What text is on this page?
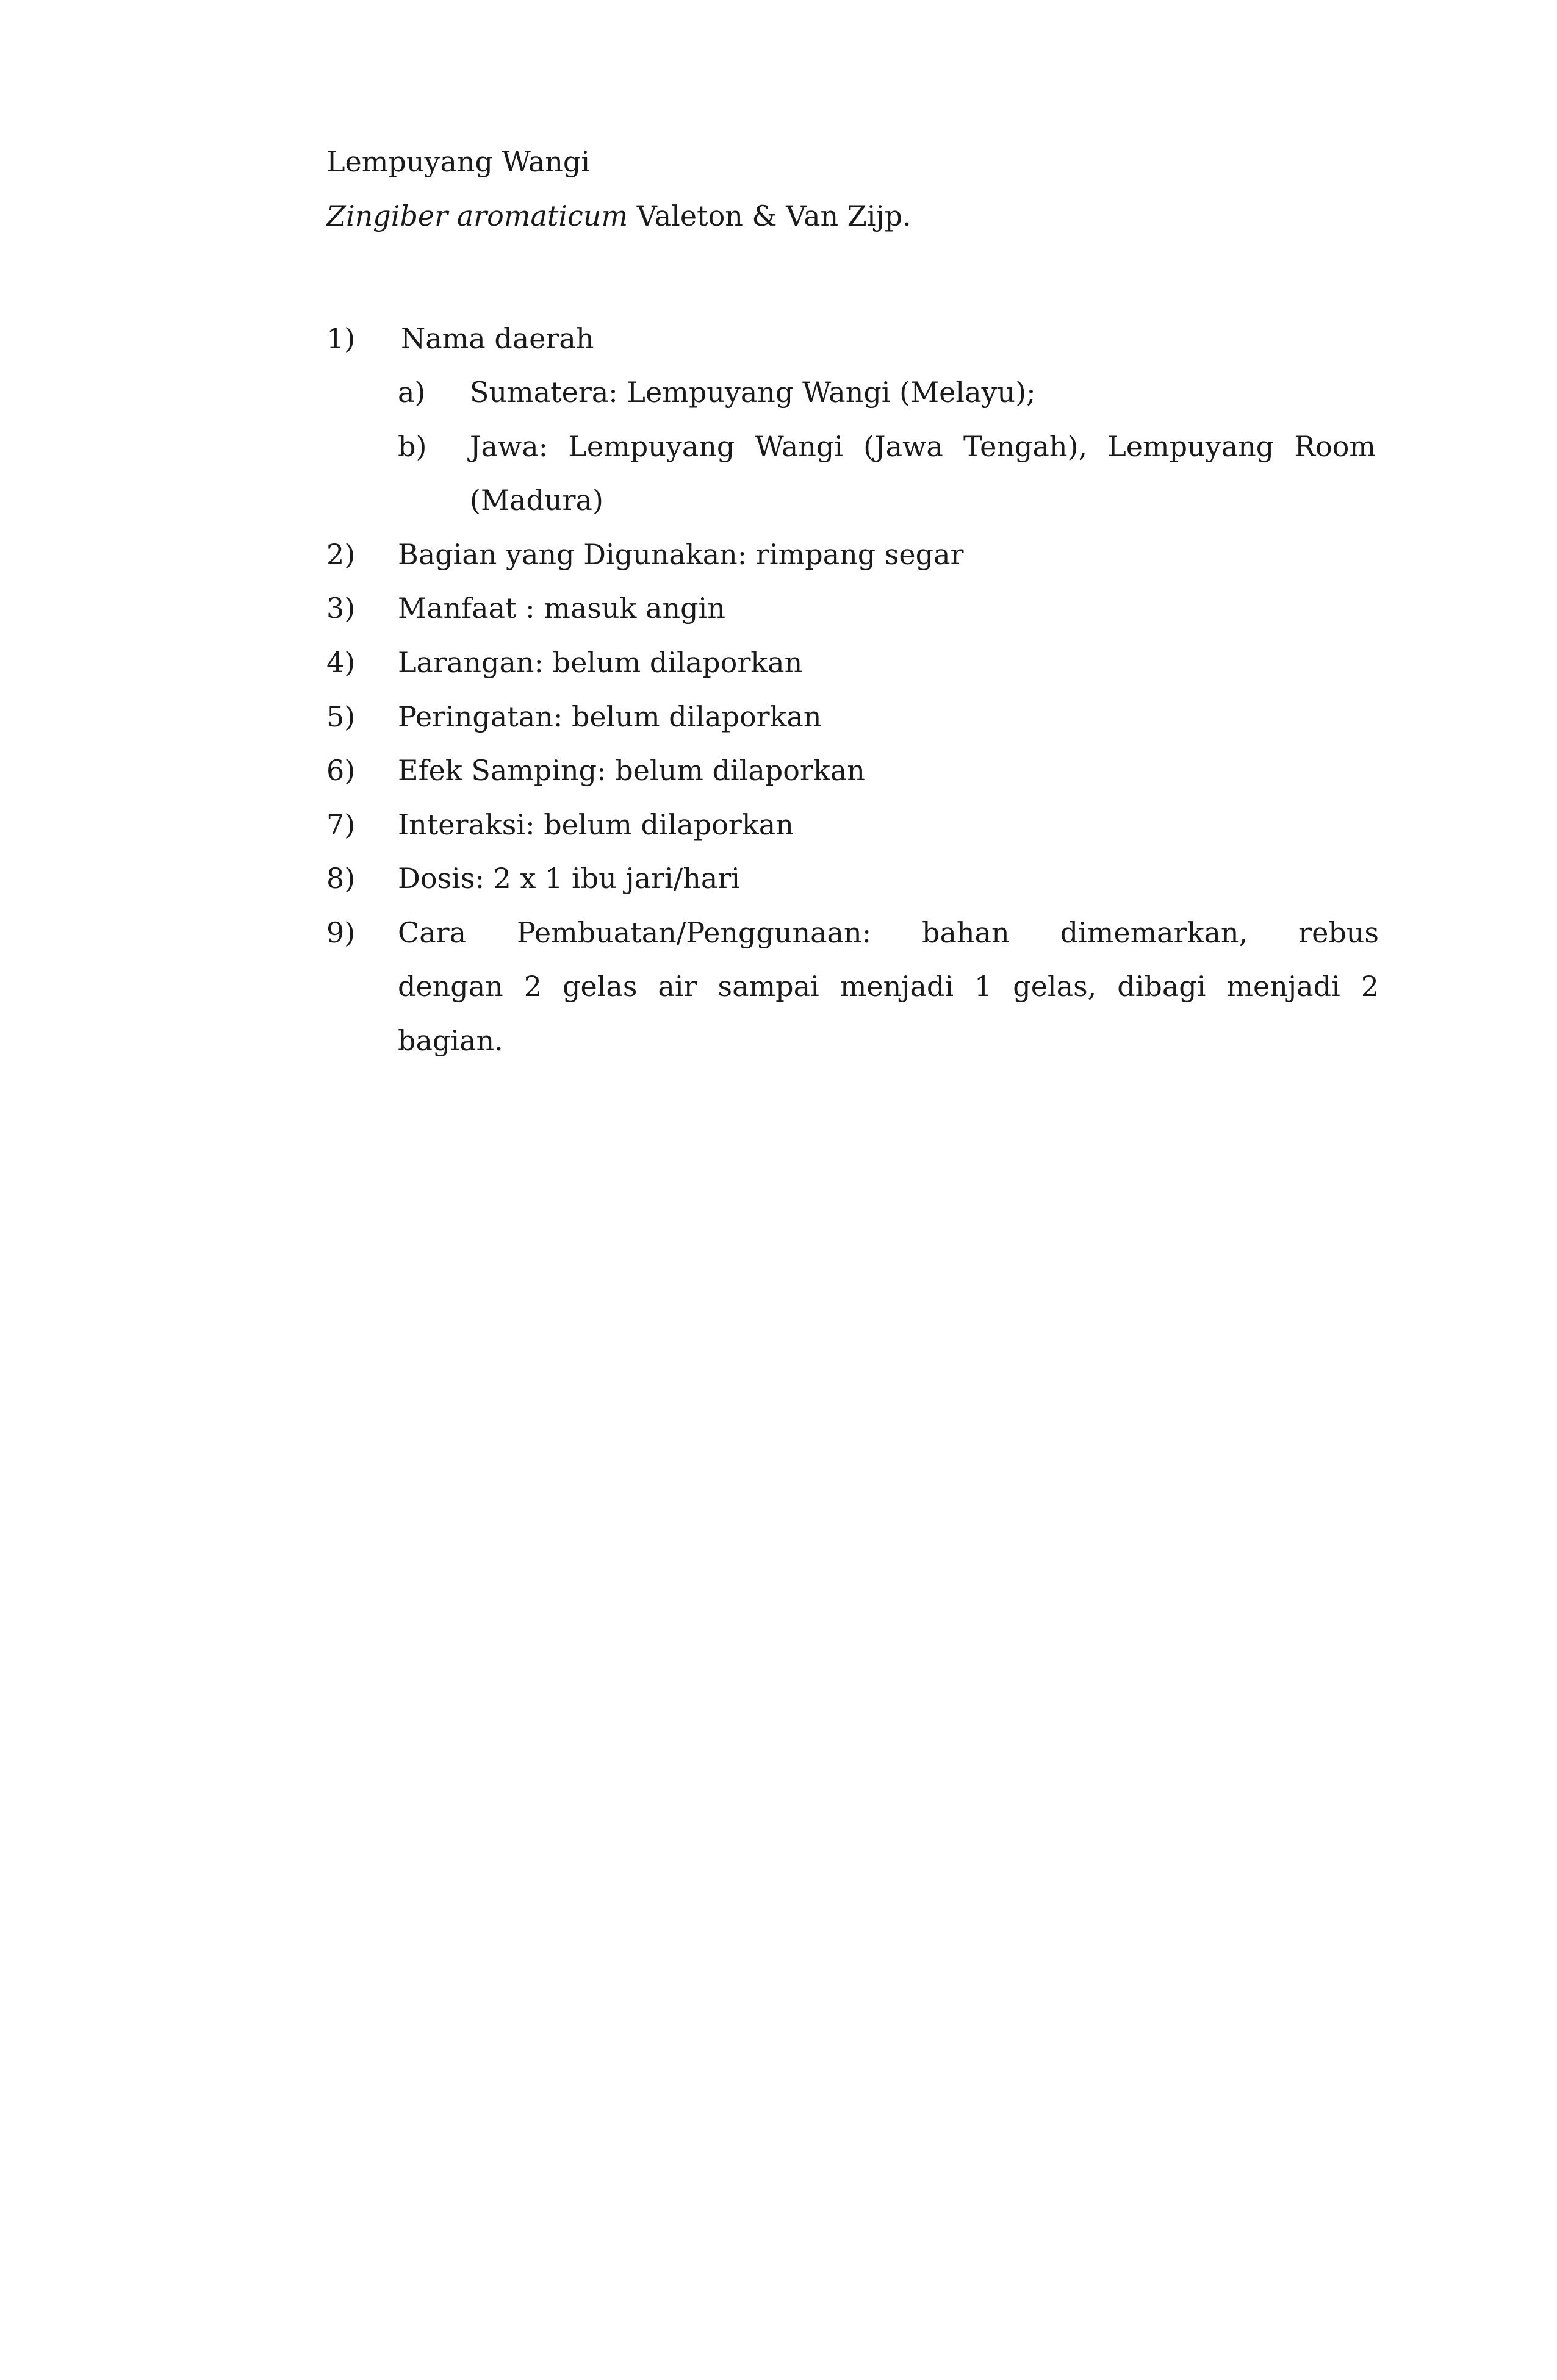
Lempuyang Wangi
Zingiber aromaticum Valeton & Van Zijp.
1) Nama daerah
a) Sumatera: Lempuyang Wangi (Melayu);
b) Jawa: Lempuyang Wangi (Jawa Tengah), Lempuyang Room
(Madura)
2) Bagian yang Digunakan: rimpang segar
3) Manfaat : masuk angin
4) Larangan: belum dilaporkan
5) Peringatan: belum dilaporkan
6) Efek Samping: belum dilaporkan
7) Interaksi: belum dilaporkan
8) Dosis: 2 x 1 ibu jari/hari
9) Cara Pembuatan/Penggunaan: bahan dimemarkan, rebus
dengan 2 gelas air sampai menjadi 1 gelas, dibagi menjadi 2
bagian.
